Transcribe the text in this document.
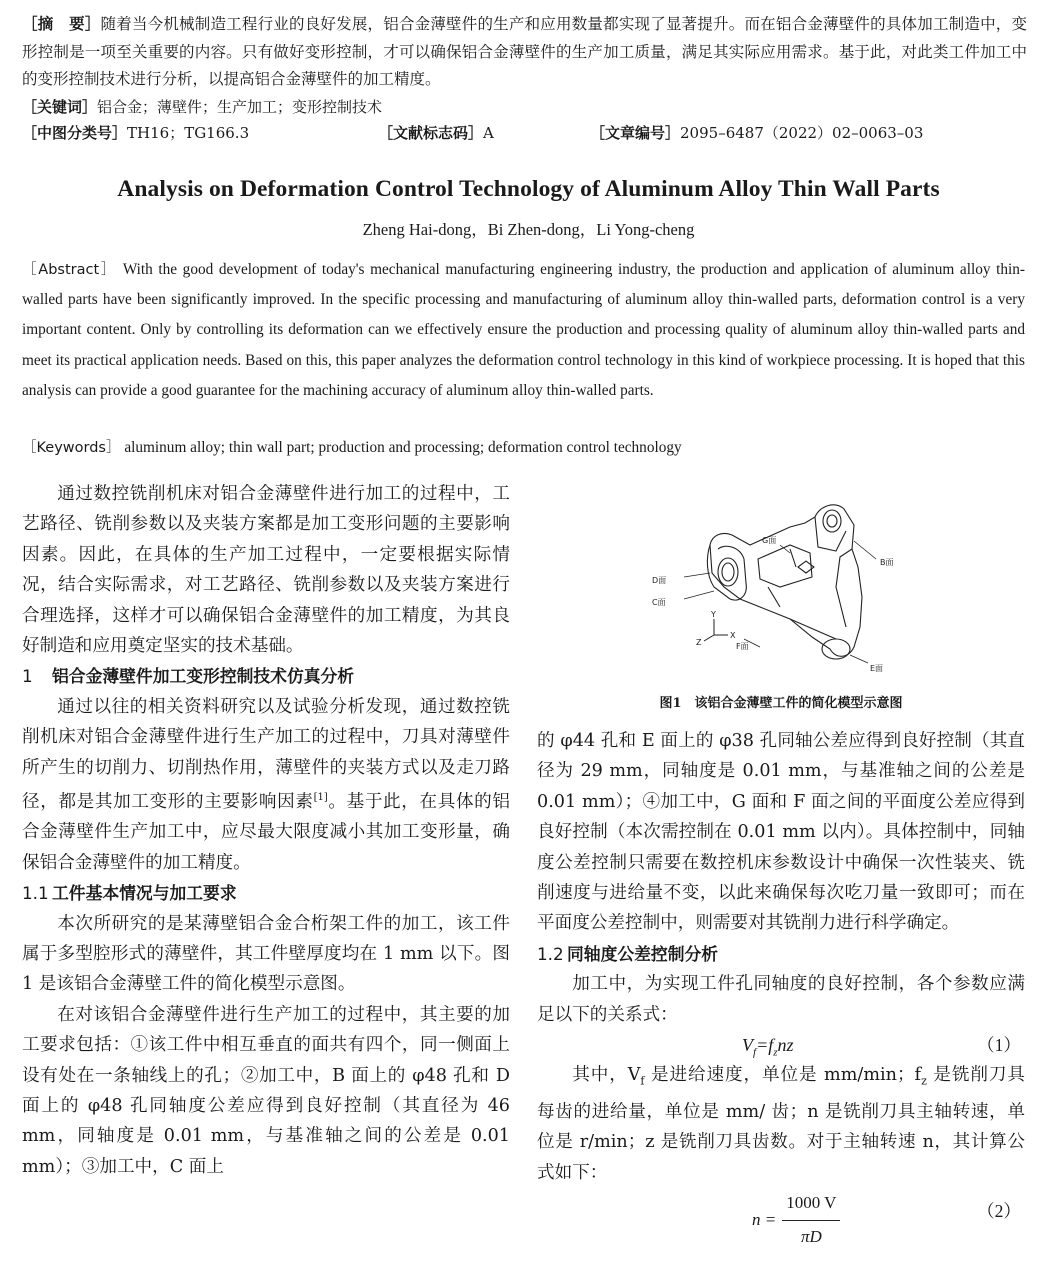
［摘　要］随着当今机械制造工程行业的良好发展，铝合金薄壁件的生产和应用数量都实现了显著提升。而在铝合金薄壁件的具体加工制造中，变形控制是一项至关重要的内容。只有做好变形控制，才可以确保铝合金薄壁件的生产加工质量，满足其实际应用需求。基于此，对此类工件加工中的变形控制技术进行分析，以提高铝合金薄壁件的加工精度。
［关键词］铝合金；薄壁件；生产加工；变形控制技术
［中图分类号］TH16；TG166.3	［文献标志码］A	［文章编号］2095–6487（2022）02–0063–03
Analysis on Deformation Control Technology of Aluminum Alloy Thin Wall Parts
Zheng Hai-dong，Bi Zhen-dong，Li Yong-cheng
［Abstract］ With the good development of today's mechanical manufacturing engineering industry, the production and application of aluminum alloy thin-walled parts have been significantly improved. In the specific processing and manufacturing of aluminum alloy thin-walled parts, deformation control is a very important content. Only by controlling its deformation can we effectively ensure the production and processing quality of aluminum alloy thin-walled parts and meet its practical application needs. Based on this, this paper analyzes the deformation control technology in this kind of workpiece processing. It is hoped that this analysis can provide a good guarantee for the machining accuracy of aluminum alloy thin-walled parts.
［Keywords］ aluminum alloy; thin wall part; production and processing; deformation control technology

通过数控铣削机床对铝合金薄壁件进行加工的过程中，工艺路径、铣削参数以及夹装方案都是加工变形问题的主要影响因素。因此，在具体的生产加工过程中，一定要根据实际情况，结合实际需求，对工艺路径、铣削参数以及夹装方案进行合理选择，这样才可以确保铝合金薄壁件的加工精度，为其良好制造和应用奠定坚实的技术基础。

1 铝合金薄壁件加工变形控制技术仿真分析

通过以往的相关资料研究以及试验分析发现，通过数控铣削机床对铝合金薄壁件进行生产加工的过程中，刀具对薄壁件所产生的切削力、切削热作用，薄壁件的夹装方式以及走刀路径，都是其加工变形的主要影响因素[1]。基于此，在具体的铝合金薄壁件生产加工中，应尽最大限度减小其加工变形量，确保铝合金薄壁件的加工精度。

1.1 工件基本情况与加工要求

本次所研究的是某薄壁铝合金合桁架工件的加工，该工件属于多型腔形式的薄壁件，其工件壁厚度均在 1 mm 以下。图 1 是该铝合金薄壁工件的简化模型示意图。

在对该铝合金薄壁件进行生产加工的过程中，其主要的加工要求包括：①该工件中相互垂直的面共有四个，同一侧面上设有处在一条轴线上的孔；②加工中，B 面上的 φ48 孔和 D 面上的 φ48 孔同轴度公差应得到良好控制（其直径为 46 mm，同轴度是 0.01 mm，与基准轴之间的公差是 0.01 mm）；③加工中，C 面上

B面
G面
D面
C面
E面
F面
Y
X
Z
图1　该铝合金薄壁工件的简化模型示意图

的 φ44 孔和 E 面上的 φ38 孔同轴公差应得到良好控制（其直径为 29 mm，同轴度是 0.01 mm，与基准轴之间的公差是 0.01 mm）；④加工中，G 面和 F 面之间的平面度公差应得到良好控制（本次需控制在 0.01 mm 以内）。具体控制中，同轴度公差控制只需要在数控机床参数设计中确保一次性装夹、铣削速度与进给量不变，以此来确保每次吃刀量一致即可；而在平面度公差控制中，则需要对其铣削力进行科学确定。

1.2 同轴度公差控制分析

加工中，为实现工件孔同轴度的良好控制，各个参数应满足以下的关系式：

$V_f=f_znz$	（1）

其中，$V_f$ 是进给速度，单位是 mm/min；$f_z$ 是铣削刀具每齿的进给量，单位是 mm/ 齿；n 是铣削刀具主轴转速，单位是 r/min；z 是铣削刀具齿数。对于主轴转速 n，其计算公式如下：

$n = \frac{1000 V}{\pi D}$	（2）
